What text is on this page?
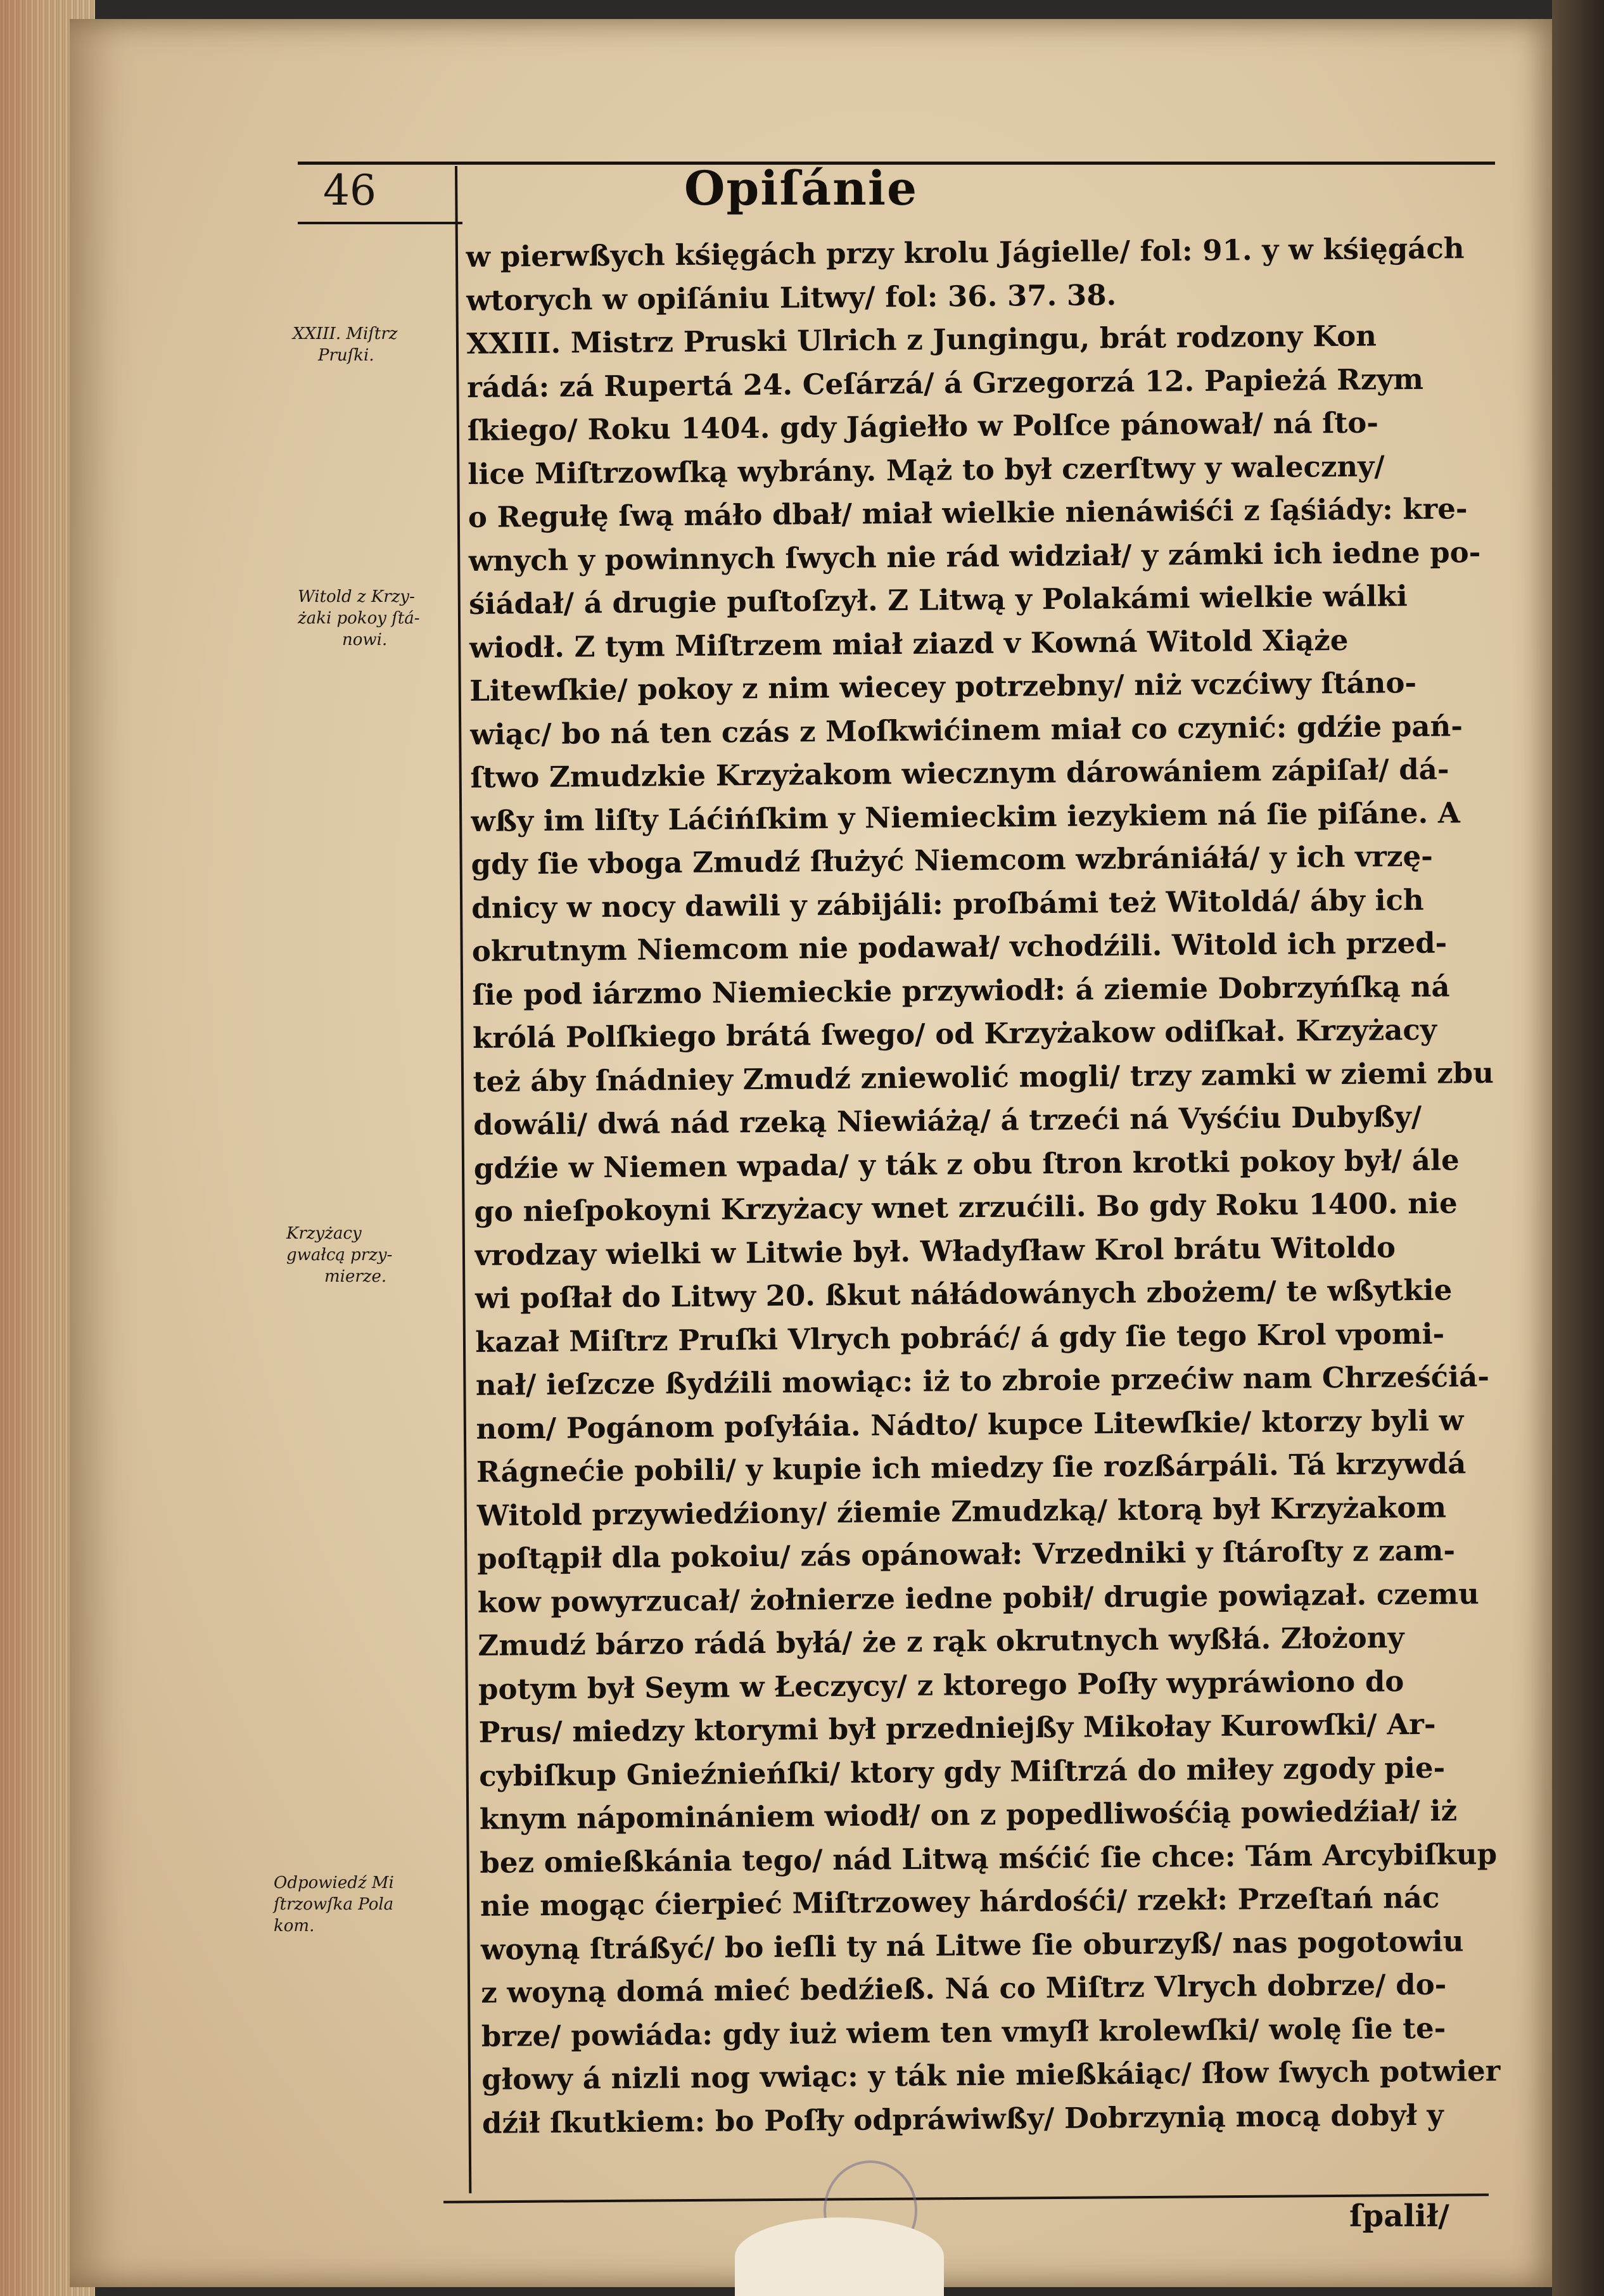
46	Opiſánie
XXIII. Miſtrz
Pruſki.
Witold z Krzy-
żaki pokoy ſtá-
nowi.
Krzyżacy
gwałcą przy-
mierze.
Odpowiedź Mi
ſtrzowſka Pola
kom.
w pierwßych kśięgách przy krolu Jágielle/ fol: 91. y w kśięgách
wtorych w opiſániu Litwy/ fol: 36. 37. 38.
XXIII. Mistrz Pruski Ulrich z Jungingu, brát rodzony Kon
rádá: zá Rupertá 24. Ceſárzá/ á Grzegorzá 12. Papieżá Rzym
ſkiego/ Roku 1404. gdy Jágiełło w Polſce pánował/ ná ſto-
lice Miſtrzowſką wybrány. Mąż to był czerſtwy y waleczny/
o Regułę ſwą máło dbał/ miał wielkie nienáwiśći z ſąśiády: kre-
wnych y powinnych ſwych nie rád widział/ y zámki ich iedne po-
śiádał/ á drugie puſtoſzył. Z Litwą y Polakámi wielkie wálki
wiodł. Z tym Miſtrzem miał ziazd v Kowná Witold Xiąże
Litewſkie/ pokoy z nim wiecey potrzebny/ niż vczćiwy ſtáno-
wiąc/ bo ná ten czás z Moſkwićinem miał co czynić: gdźie pań-
ſtwo Zmudzkie Krzyżakom wiecznym dárowániem zápiſał/ dá-
wßy im liſty Láćińſkim y Niemieckim iezykiem ná ſie piſáne. A
gdy ſie vboga Zmudź ſłużyć Niemcom wzbrániáłá/ y ich vrzę-
dnicy w nocy dawili y zábijáli: proſbámi też Witoldá/ áby ich
okrutnym Niemcom nie podawał/ vchodźili. Witold ich przed-
ſie pod iárzmo Niemieckie przywiodł: á ziemie Dobrzyńſką ná
królá Polſkiego brátá ſwego/ od Krzyżakow odiſkał. Krzyżacy
też áby ſnádniey Zmudź zniewolić mogli/ trzy zamki w ziemi zbu
dowáli/ dwá nád rzeką Niewiáżą/ á trzeći ná Vyśćiu Dubyßy/
gdźie w Niemen wpada/ y ták z obu ſtron krotki pokoy był/ ále
go nieſpokoyni Krzyżacy wnet zrzućili. Bo gdy Roku 1400. nie
vrodzay wielki w Litwie był. Władyſław Krol brátu Witoldo
wi poſłał do Litwy 20. ßkut náłádowánych zbożem/ te wßytkie
kazał Miſtrz Pruſki Vlrych pobráć/ á gdy ſie tego Krol vpomi-
nał/ ieſzcze ßydźili mowiąc: iż to zbroie przećiw nam Chrześćiá-
nom/ Pogánom poſyłáia. Nádto/ kupce Litewſkie/ ktorzy byli w
Rágnećie pobili/ y kupie ich miedzy ſie rozßárpáli. Tá krzywdá
Witold przywiedźiony/ źiemie Zmudzką/ ktorą był Krzyżakom
poſtąpił dla pokoiu/ zás opánował: Vrzedniki y ſtároſty z zam-
kow powyrzucał/ żołnierze iedne pobił/ drugie powiązał. czemu
Zmudź bárzo rádá byłá/ że z rąk okrutnych wyßłá. Złożony
potym był Seym w Łeczycy/ z ktorego Poſły wypráwiono do
Prus/ miedzy ktorymi był przedniejßy Mikołay Kurowſki/ Ar-
cybiſkup Gnieźnieńſki/ ktory gdy Miſtrzá do miłey zgody pie-
knym nápominániem wiodł/ on z popedliwośćią powiedźiał/ iż
bez omießkánia tego/ nád Litwą mśćić ſie chce: Tám Arcybiſkup
nie mogąc ćierpieć Miſtrzowey hárdośći/ rzekł: Przeſtań nác
woyną ſtráßyć/ bo ieſli ty ná Litwe ſie oburzyß/ nas pogotowiu
z woyną domá mieć bedźieß. Ná co Miſtrz Vlrych dobrze/ do-
brze/ powiáda: gdy iuż wiem ten vmyſł krolewſki/ wolę ſie te-
głowy á nizli nog vwiąc: y ták nie mießkáiąc/ ſłow ſwych potwier
dźił ſkutkiem: bo Poſły odpráwiwßy/ Dobrzynią mocą dobył y
ſpalił/
